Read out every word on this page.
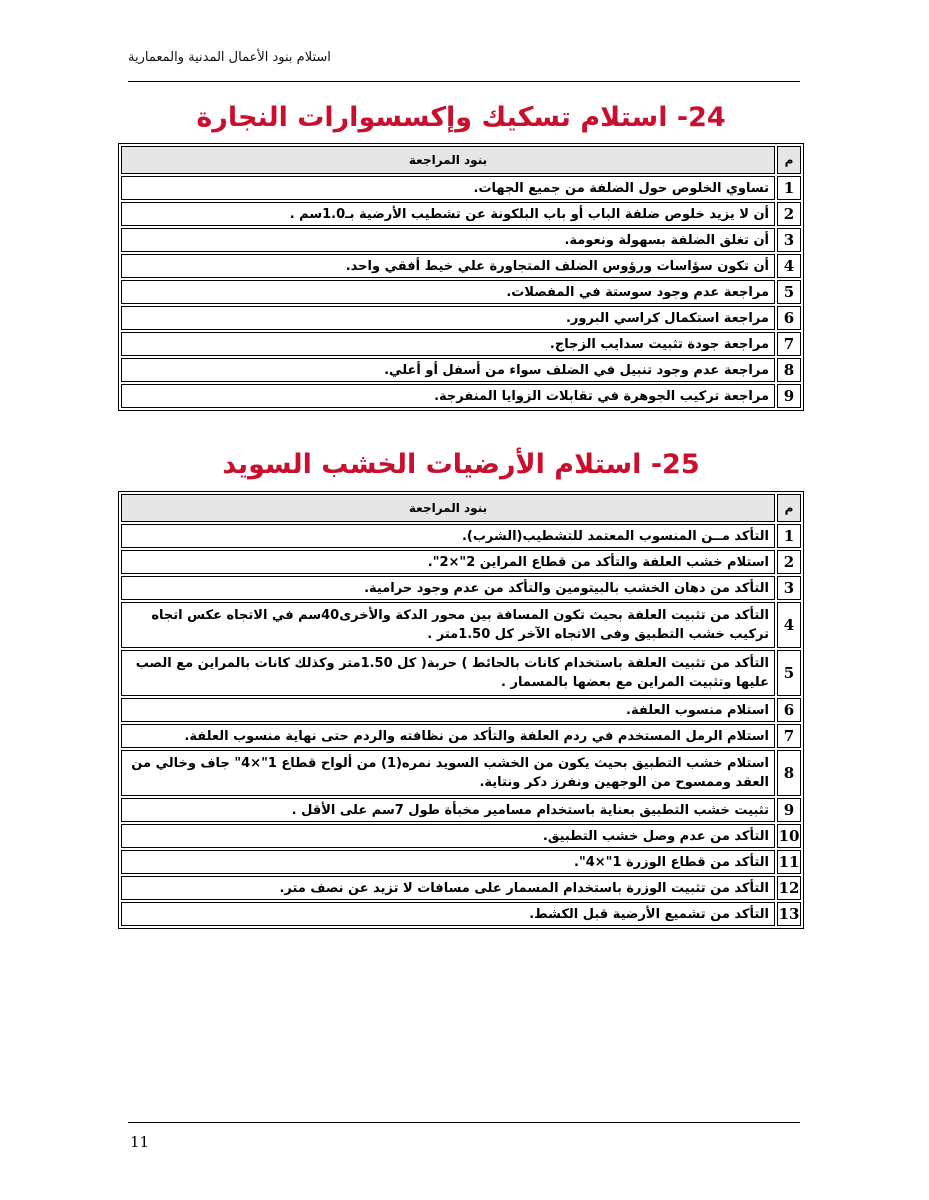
استلام بنود الأعمال المدنية والمعمارية
24- استلام تسكيك وإكسسوارات النجارة
م	بنود المراجعة
1	تساوي الخلوص حول الضلفة من جميع الجهات.
2	أن لا يزيد خلوص ضلفة الباب أو باب البلكونة عن تشطيب الأرضية بـ1.0سم .
3	أن تغلق الضلفة بسهولة ونعومة.
4	أن تكون سؤاسات ورؤوس الضلف المتجاورة علي خيط أفقي واحد.
5	مراجعة عدم وجود سوستة في المفصلات.
6	مراجعة استكمال كراسي البرور.
7	مراجعة جودة تثبيت سدايب الزجاج.
8	مراجعة عدم وجود تنبيل في الضلف سواء من أسفل أو أعلي.
9	مراجعة تركيب الجوهرة في تقابلات الزوايا المنفرجة.
25- استلام الأرضيات الخشب السويد
م	بنود المراجعة
1	التأكد مــن المنسوب المعتمد للتشطيب(الشرب).
2	استلام خشب العلفة والتأكد من قطاع المراين 2"×2".
3	التأكد من دهان الخشب بالبيتومين والتأكد من عدم وجود حرامية.
4	التأكد من تثبيت العلفة بحيث تكون المسافة بين محور الدكة والأخرى40سم في الاتجاه عكس اتجاه تركيب خشب التطبيق وفى الاتجاه الآخر كل 1.50متر .
5	التأكد من تثبيت العلفة باستخدام كانات بالحائط ) حربة( كل 1.50متر وكذلك كانات بالمراين مع الصب عليها وتثبيت المراين مع بعضها بالمسمار .
6	استلام منسوب العلفة.
7	استلام الرمل المستخدم في ردم العلفة والتأكد من نظافته والردم حتى نهاية منسوب العلفة.
8	استلام خشب التطبيق بحيث يكون من الخشب السويد نمره(1) من ألواح قطاع 1"×4" جاف وخالي من العقد وممسوح من الوجهين ونفرز دكر ونتاية.
9	تثبيت خشب التطبيق بعناية باستخدام مسامير مخبأة طول 7سم على الأقل .
10	التأكد من عدم وصل خشب التطبيق.
11	التأكد من قطاع الوزرة 1"×4".
12	التأكد من تثبيت الوزرة باستخدام المسمار على مسافات لا تزيد عن نصف متر.
13	التأكد من تشميع الأرضية قبل الكشط.
11
